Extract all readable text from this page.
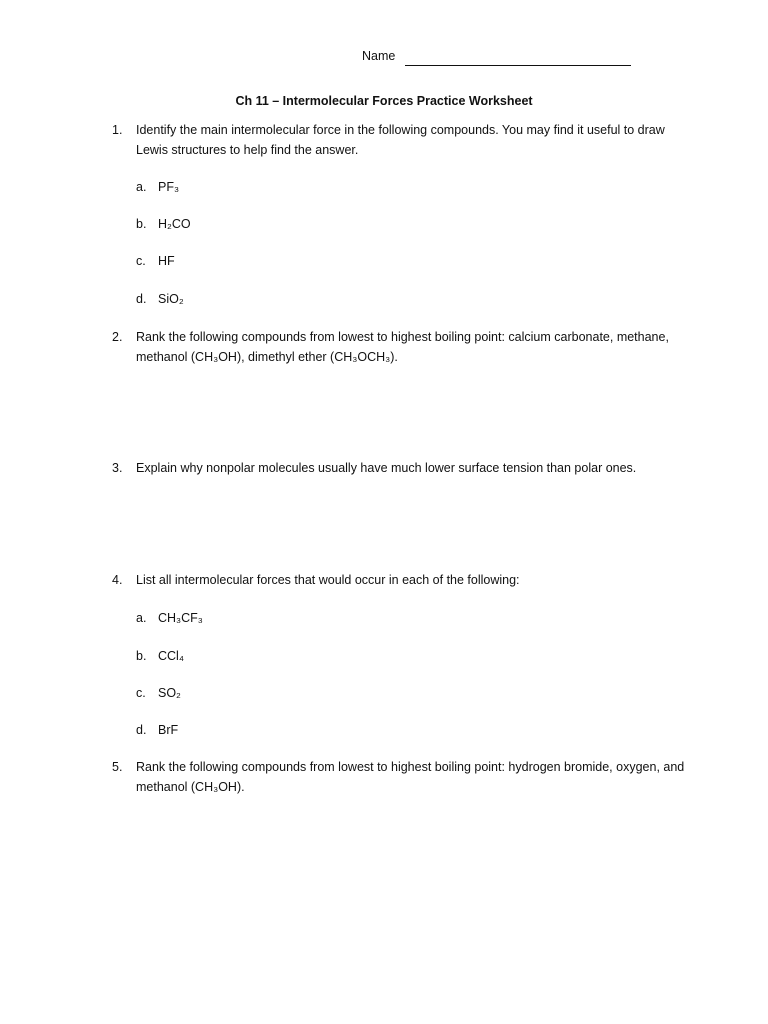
Name
Ch 11 – Intermolecular Forces Practice Worksheet
1. Identify the main intermolecular force in the following compounds. You may find it useful to draw Lewis structures to help find the answer.
a. PF₃
b. H₂CO
c. HF
d. SiO₂
2. Rank the following compounds from lowest to highest boiling point: calcium carbonate, methane, methanol (CH₃OH), dimethyl ether (CH₃OCH₃).
3. Explain why nonpolar molecules usually have much lower surface tension than polar ones.
4. List all intermolecular forces that would occur in each of the following:
a. CH₃CF₃
b. CCl₄
c. SO₂
d. BrF
5. Rank the following compounds from lowest to highest boiling point: hydrogen bromide, oxygen, and methanol (CH₃OH).
